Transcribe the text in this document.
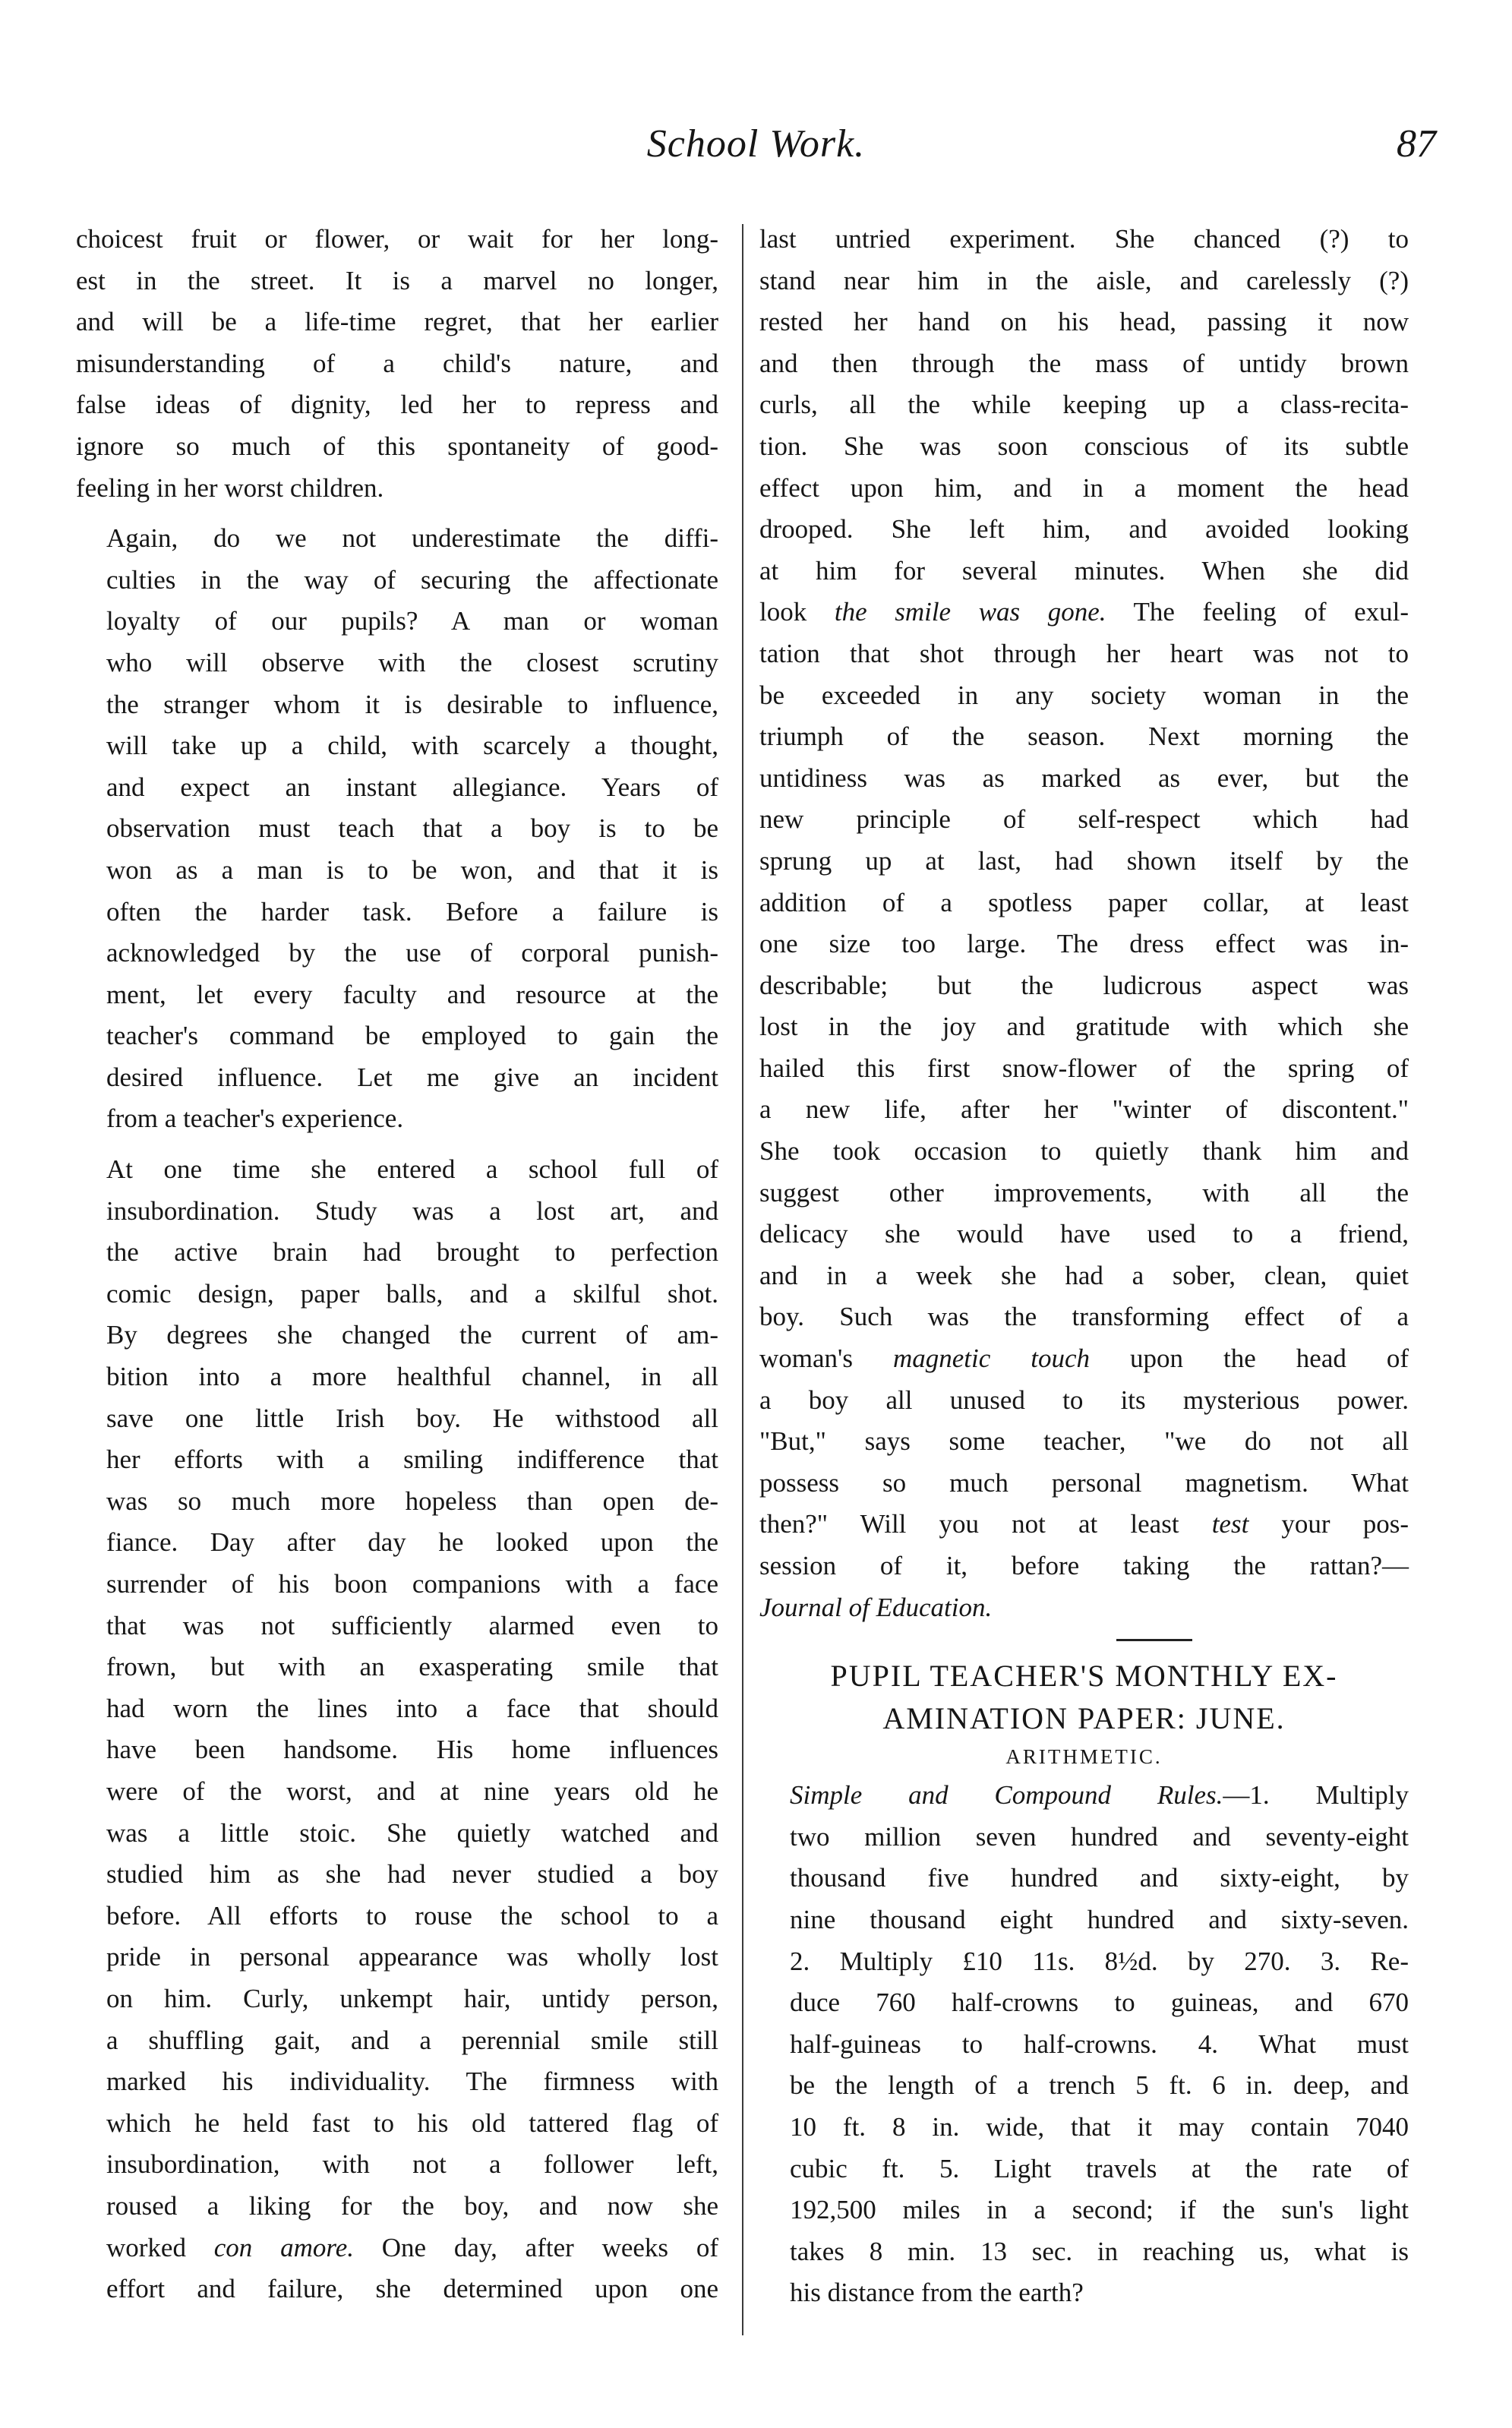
School Work.	87

choicest fruit or flower, or wait for her long-
est in the street. It is a marvel no longer,
and will be a life-time regret, that her earlier
misunderstanding of a child's nature, and
false ideas of dignity, led her to repress and
ignore so much of this spontaneity of good-
feeling in her worst children.

Again, do we not underestimate the diffi-
culties in the way of securing the affectionate
loyalty of our pupils? A man or woman
who will observe with the closest scrutiny
the stranger whom it is desirable to influence,
will take up a child, with scarcely a thought,
and expect an instant allegiance. Years of
observation must teach that a boy is to be
won as a man is to be won, and that it is
often the harder task. Before a failure is
acknowledged by the use of corporal punish-
ment, let every faculty and resource at the
teacher's command be employed to gain the
desired influence. Let me give an incident
from a teacher's experience.

At one time she entered a school full of
insubordination. Study was a lost art, and
the active brain had brought to perfection
comic design, paper balls, and a skilful shot.
By degrees she changed the current of am-
bition into a more healthful channel, in all
save one little Irish boy. He withstood all
her efforts with a smiling indifference that
was so much more hopeless than open de-
fiance. Day after day he looked upon the
surrender of his boon companions with a face
that was not sufficiently alarmed even to
frown, but with an exasperating smile that
had worn the lines into a face that should
have been handsome. His home influences
were of the worst, and at nine years old he
was a little stoic. She quietly watched and
studied him as she had never studied a boy
before. All efforts to rouse the school to a
pride in personal appearance was wholly lost
on him. Curly, unkempt hair, untidy person,
a shuffling gait, and a perennial smile still
marked his individuality. The firmness with
which he held fast to his old tattered flag of
insubordination, with not a follower left,
roused a liking for the boy, and now she
worked con amore. One day, after weeks of
effort and failure, she determined upon one

last untried experiment. She chanced (?) to
stand near him in the aisle, and carelessly (?)
rested her hand on his head, passing it now
and then through the mass of untidy brown
curls, all the while keeping up a class-recita-
tion. She was soon conscious of its subtle
effect upon him, and in a moment the head
drooped. She left him, and avoided looking
at him for several minutes. When she did
look the smile was gone. The feeling of exul-
tation that shot through her heart was not to
be exceeded in any society woman in the
triumph of the season. Next morning the
untidiness was as marked as ever, but the
new principle of self-respect which had
sprung up at last, had shown itself by the
addition of a spotless paper collar, at least
one size too large. The dress effect was in-
describable; but the ludicrous aspect was
lost in the joy and gratitude with which she
hailed this first snow-flower of the spring of
a new life, after her "winter of discontent."
She took occasion to quietly thank him and
suggest other improvements, with all the
delicacy she would have used to a friend,
and in a week she had a sober, clean, quiet
boy. Such was the transforming effect of a
woman's magnetic touch upon the head of
a boy all unused to its mysterious power.
"But," says some teacher, "we do not all
possess so much personal magnetism. What
then?" Will you not at least test your pos-
session of it, before taking the rattan?—
Journal of Education.

PUPIL TEACHER'S MONTHLY EX-
AMINATION PAPER: JUNE.

ARITHMETIC.

Simple and Compound Rules.—1. Multiply
two million seven hundred and seventy-eight
thousand five hundred and sixty-eight, by
nine thousand eight hundred and sixty-seven.
2. Multiply £10 11s. 8½d. by 270. 3. Re-
duce 760 half-crowns to guineas, and 670
half-guineas to half-crowns. 4. What must
be the length of a trench 5 ft. 6 in. deep, and
10 ft. 8 in. wide, that it may contain 7040
cubic ft. 5. Light travels at the rate of
192,500 miles in a second; if the sun's light
takes 8 min. 13 sec. in reaching us, what is
his distance from the earth?
